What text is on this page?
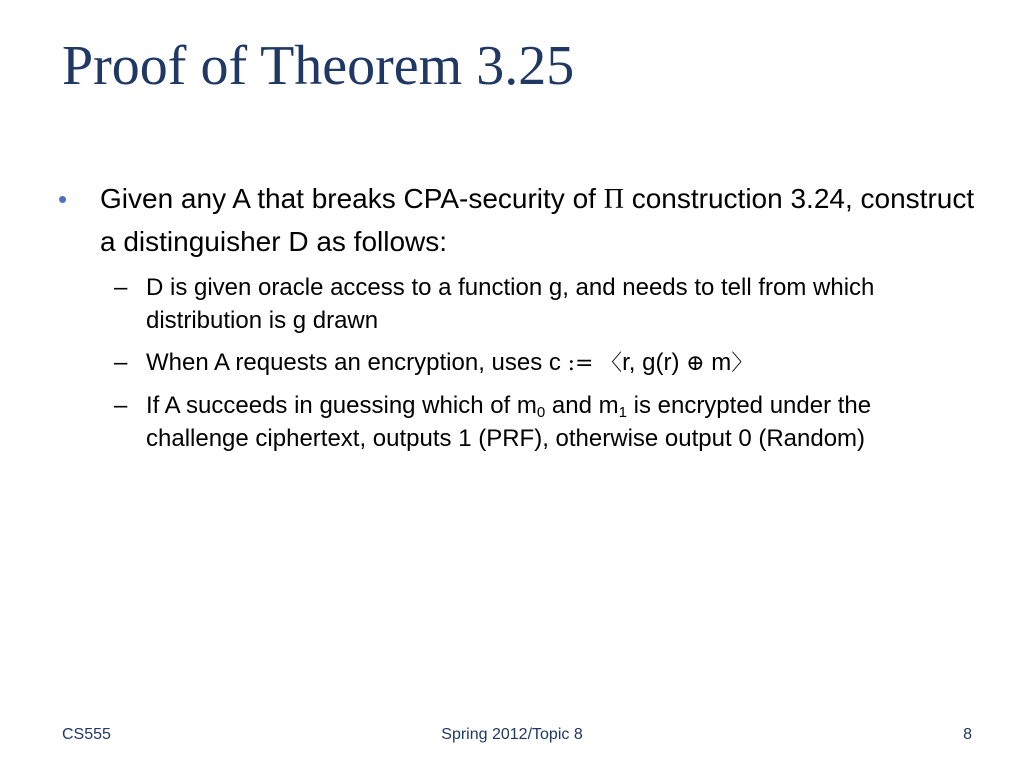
Proof of Theorem 3.25
•	Given any A that breaks CPA-security of Π construction 3.24, construct a distinguisher D as follows:
– D is given oracle access to a function g, and needs to tell from which distribution is g drawn
– When A requests an encryption, uses c := 〈r, g(r) ⊕ m〉
– If A succeeds in guessing which of $m_0$ and $m_1$ is encrypted under the challenge ciphertext, outputs 1 (PRF), otherwise output 0 (Random)
CS555	Spring 2012/Topic 8	8
